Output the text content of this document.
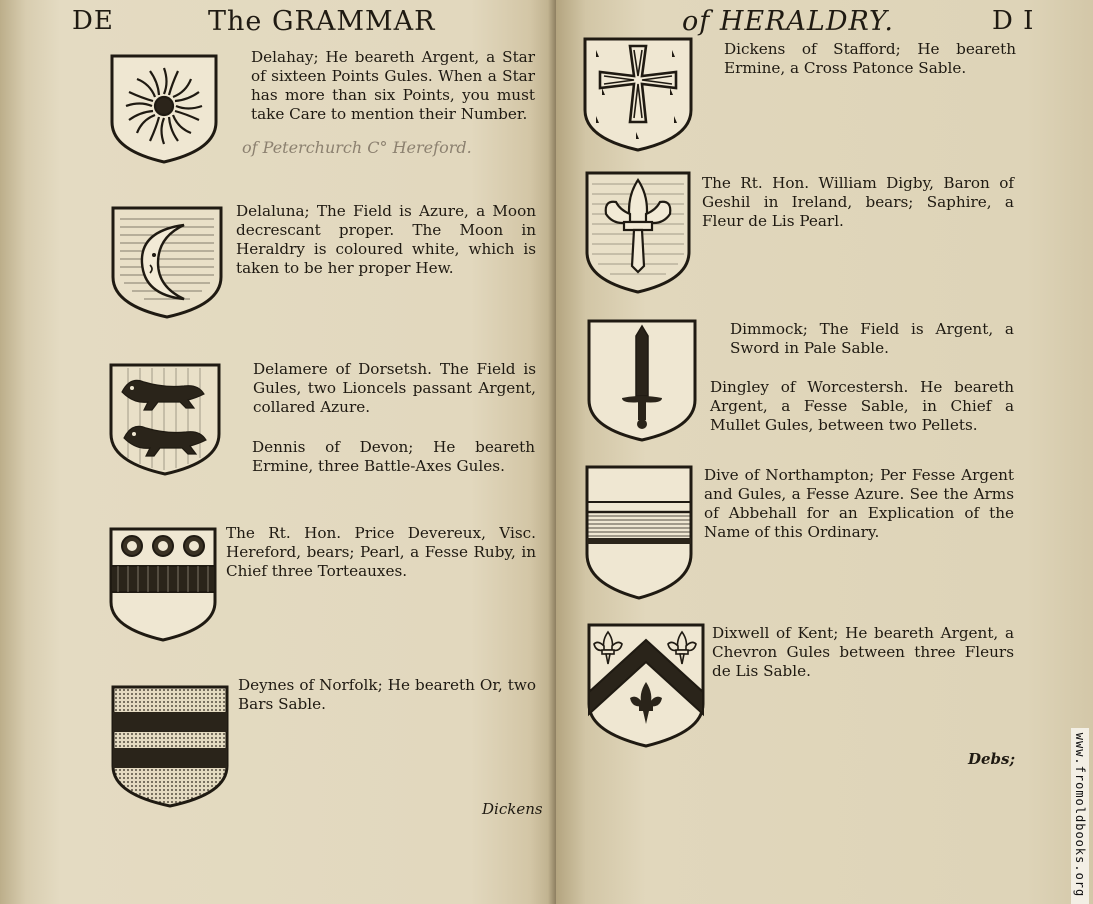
DE	The GRAMMAR
Delahay; He beareth Argent, a Star of sixteen Points Gules. When a Star has more than six Points, you must take Care to mention their Number.
of Peterchurch C° Hereford.
Delaluna; The Field is Azure, a Moon decrescant proper. The Moon in Heraldry is coloured white, which is taken to be her proper Hew.
Delamere of Dorsetsh. The Field is Gules, two Lioncels passant Argent, collared Azure.
Dennis of Devon; He beareth Ermine, three Battle-Axes Gules.
The Rt. Hon. Price Devereux, Visc. Hereford, bears; Pearl, a Fesse Ruby, in Chief three Torteauxes.
Deynes of Norfolk; He beareth Or, two Bars Sable.
Dickens
of HERALDRY.	D I
Dickens of Stafford; He beareth Ermine, a Cross Patonce Sable.
The Rt. Hon. William Digby, Baron of Geshil in Ireland, bears; Saphire, a Fleur de Lis Pearl.
Dimmock; The Field is Argent, a Sword in Pale Sable.
Dingley of Worcestersh. He beareth Argent, a Fesse Sable, in Chief a Mullet Gules, between two Pellets.
Dive of Northampton; Per Fesse Argent and Gules, a Fesse Azure. See the Arms of Abbehall for an Explication of the Name of this Ordinary.
Dixwell of Kent; He beareth Argent, a Chevron Gules between three Fleurs de Lis Sable.
Debs;	www.fromoldbooks.org
